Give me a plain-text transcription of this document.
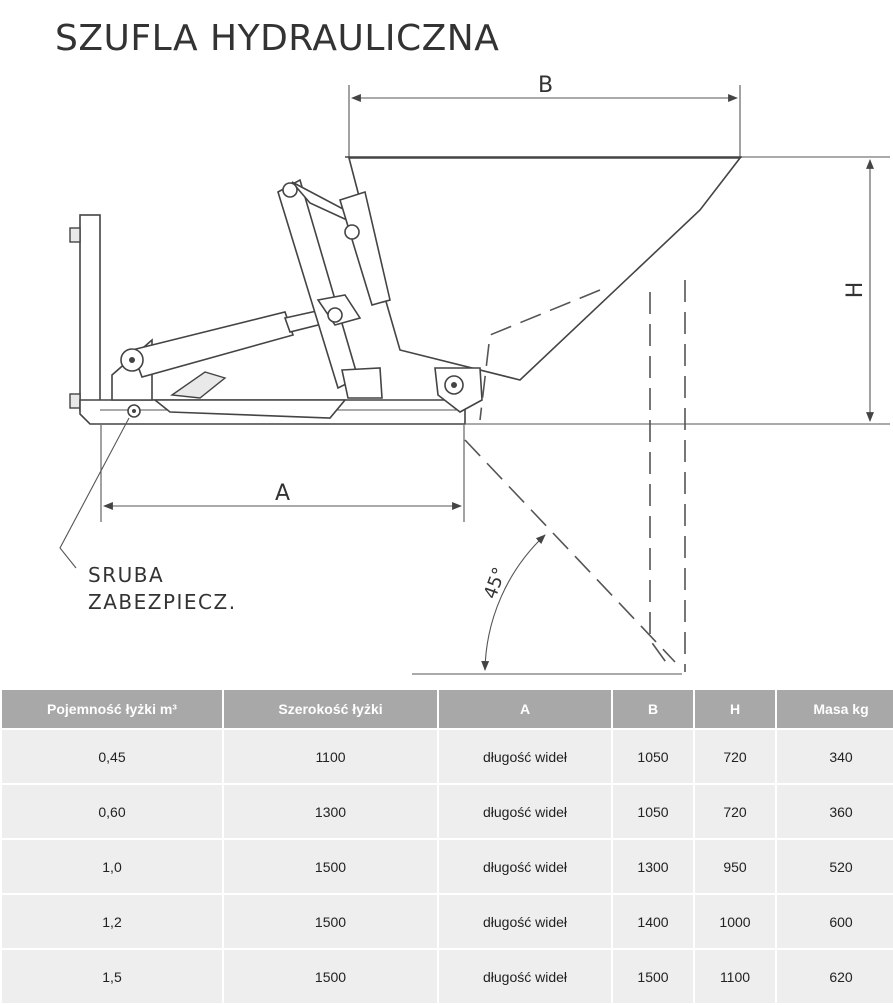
SZUFLA HYDRAULICZNA
B
H
A
45°
SRUBA
ZABEZPIECZ.
Pojemność łyżki m³	Szerokość łyżki	A	B	H	Masa kg
0,45	1100	długość wideł	1050	720	340
0,60	1300	długość wideł	1050	720	360
1,0	1500	długość wideł	1300	950	520
1,2	1500	długość wideł	1400	1000	600
1,5	1500	długość wideł	1500	1100	620
